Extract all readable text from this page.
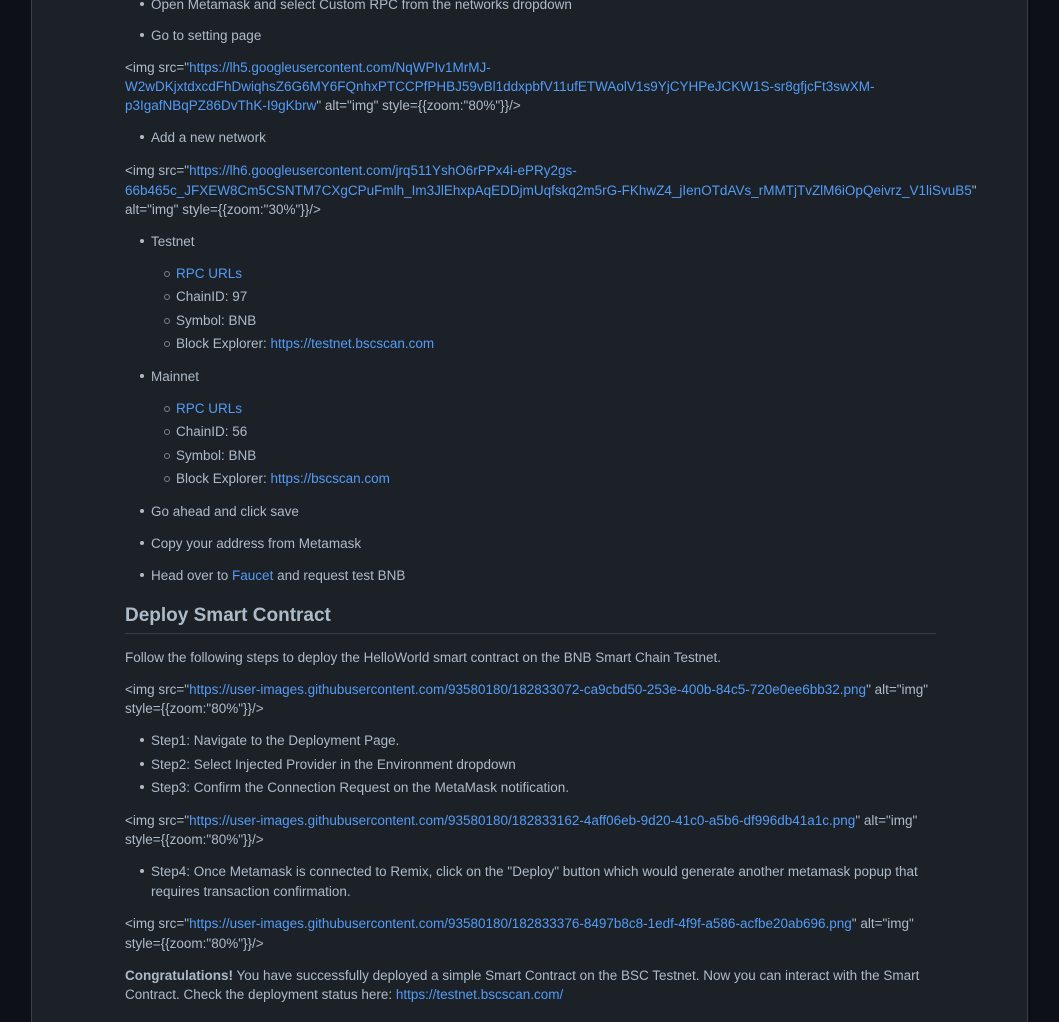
Open Metamask and select Custom RPC from the networks dropdown
Go to setting page
<img src="https://lh5.googleusercontent.com/NqWPIv1MrMJ-
W2wDKjxtdxcdFhDwiqhsZ6G6MY6FQnhxPTCCPfPHBJ59vBl1ddxpbfV11ufETWAolV1s9YjCYHPeJCKW1S-sr8gfjcFt3swXM-
p3IgafNBqPZ86DvThK-I9gKbrw" alt="img" style={{zoom:"80%"}}/>
Add a new network
<img src="https://lh6.googleusercontent.com/jrq511YshO6rPPx4i-ePRy2gs-
66b465c_JFXEW8Cm5CSNTM7CXgCPuFmlh_Im3JlEhxpAqEDDjmUqfskq2m5rG-FKhwZ4_jIenOTdAVs_rMMTjTvZlM6iOpQeivrz_V1liSvuB5"
alt="img" style={{zoom:"30%"}}/>
Testnet
RPC URLs
ChainID: 97
Symbol: BNB
Block Explorer: https://testnet.bscscan.com
Mainnet
RPC URLs
ChainID: 56
Symbol: BNB
Block Explorer: https://bscscan.com
Go ahead and click save
Copy your address from Metamask
Head over to Faucet and request test BNB
Deploy Smart Contract
Follow the following steps to deploy the HelloWorld smart contract on the BNB Smart Chain Testnet.
<img src="https://user-images.githubusercontent.com/93580180/182833072-ca9cbd50-253e-400b-84c5-720e0ee6bb32.png" alt="img"
style={{zoom:"80%"}}/>
Step1: Navigate to the Deployment Page.
Step2: Select Injected Provider in the Environment dropdown
Step3: Confirm the Connection Request on the MetaMask notification.
<img src="https://user-images.githubusercontent.com/93580180/182833162-4aff06eb-9d20-41c0-a5b6-df996db41a1c.png" alt="img"
style={{zoom:"80%"}}/>
Step4: Once Metamask is connected to Remix, click on the "Deploy" button which would generate another metamask popup that
requires transaction confirmation.
<img src="https://user-images.githubusercontent.com/93580180/182833376-8497b8c8-1edf-4f9f-a586-acfbe20ab696.png" alt="img"
style={{zoom:"80%"}}/>
Congratulations! You have successfully deployed a simple Smart Contract on the BSC Testnet. Now you can interact with the Smart
Contract. Check the deployment status here: https://testnet.bscscan.com/
